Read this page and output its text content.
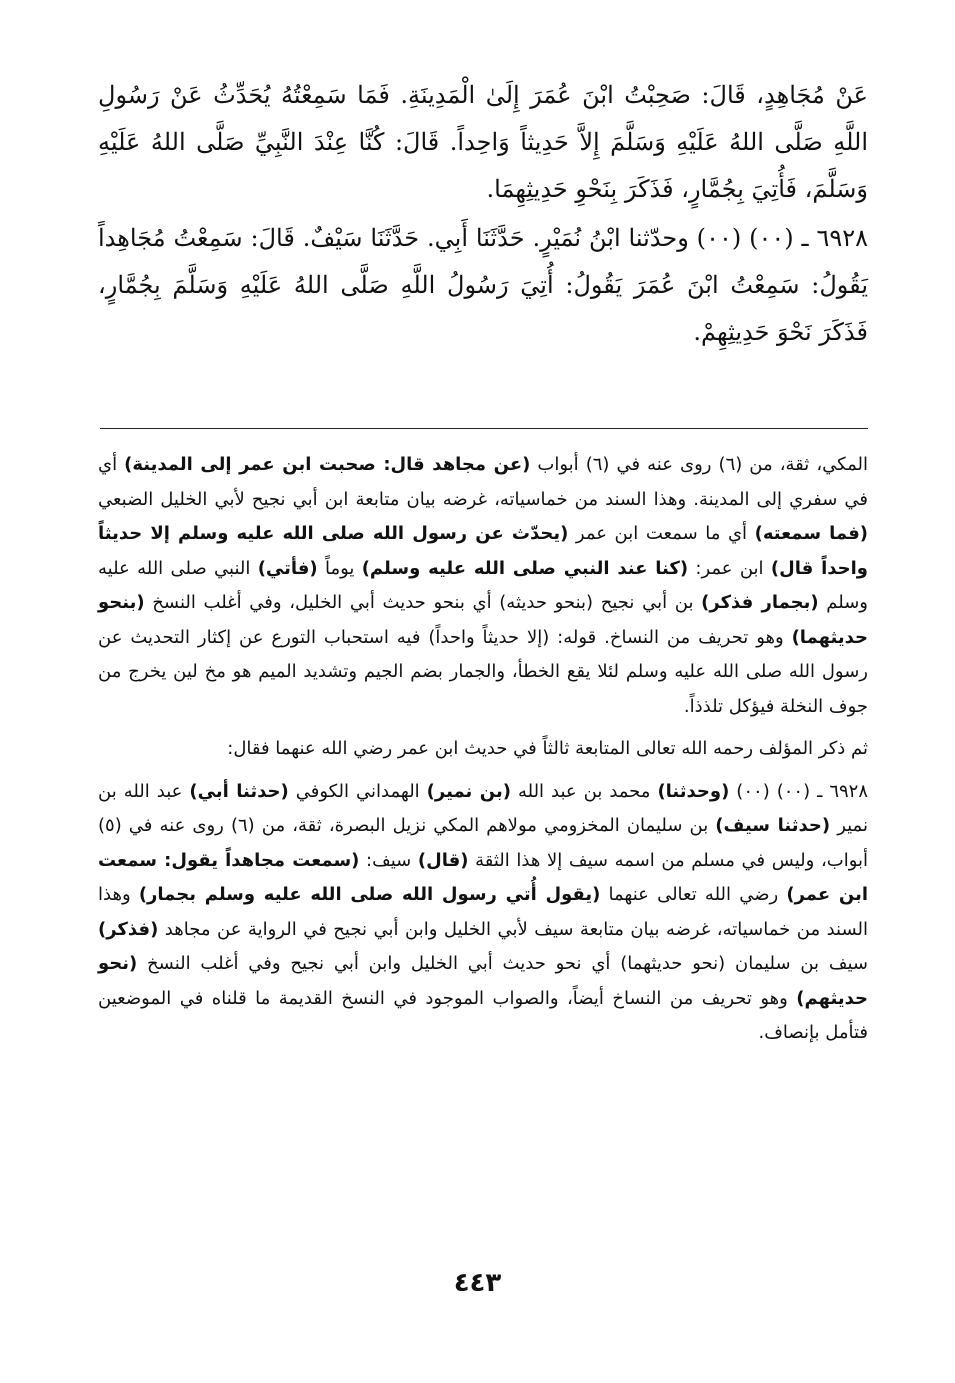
عَنْ مُجَاهِدٍ، قَالَ: صَحِبْتُ ابْنَ عُمَرَ إِلَىٰ الْمَدِينَةِ. فَمَا سَمِعْتُهُ يُحَدِّثُ عَنْ رَسُولِ اللَّهِ صَلَّى اللهُ عَلَيْهِ وَسَلَّمَ إِلاَّ حَدِيثاً وَاحِداً. قَالَ: كُنَّا عِنْدَ النَّبِيِّ صَلَّى اللهُ عَلَيْهِ وَسَلَّمَ، فَأُتِيَ بِجُمَّارٍ، فَذَكَرَ بِنَحْوِ حَدِيثِهِمَا.

٦٩٢٨ ـ (٠٠) (٠٠) وحدّثنا ابْنُ نُمَيْرٍ. حَدَّثَنَا أَبِي. حَدَّثَنَا سَيْفٌ. قَالَ: سَمِعْتُ مُجَاهِداً يَقُولُ: سَمِعْتُ ابْنَ عُمَرَ يَقُولُ: أُتِيَ رَسُولُ اللَّهِ صَلَّى اللهُ عَلَيْهِ وَسَلَّمَ بِجُمَّارٍ، فَذَكَرَ نَحْوَ حَدِيثِهِمْ.

المكي، ثقة، من (٦) روى عنه في (٦) أبواب (عن مجاهد قال: صحبت ابن عمر إلى المدينة) أي في سفري إلى المدينة. وهذا السند من خماسياته، غرضه بيان متابعة ابن أبي نجيح لأبي الخليل الضبعي (فما سمعته) أي ما سمعت ابن عمر (يحدّث عن رسول الله صلى الله عليه وسلم إلا حديثاً واحداً قال) ابن عمر: (كنا عند النبي صلى الله عليه وسلم) يوماً (فأتي) النبي صلى الله عليه وسلم (بجمار فذكر) بن أبي نجيح (بنحو حديثه) أي بنحو حديث أبي الخليل، وفي أغلب النسخ (بنحو حديثهما) وهو تحريف من النساخ. قوله: (إلا حديثاً واحداً) فيه استحباب التورع عن إكثار التحديث عن رسول الله صلى الله عليه وسلم لئلا يقع الخطأ، والجمار بضم الجيم وتشديد الميم هو مخ لين يخرج من جوف النخلة فيؤكل تلذذاً.

ثم ذكر المؤلف رحمه الله تعالى المتابعة ثالثاً في حديث ابن عمر رضي الله عنهما فقال:

٦٩٢٨ ـ (٠٠) (٠٠) (وحدثنا) محمد بن عبد الله (بن نمير) الهمداني الكوفي (حدثنا أبي) عبد الله بن نمير (حدثنا سيف) بن سليمان المخزومي مولاهم المكي نزيل البصرة، ثقة، من (٦) روى عنه في (٥) أبواب، وليس في مسلم من اسمه سيف إلا هذا الثقة (قال) سيف: (سمعت مجاهداً يقول: سمعت ابن عمر) رضي الله تعالى عنهما (يقول أُتي رسول الله صلى الله عليه وسلم بجمار) وهذا السند من خماسياته، غرضه بيان متابعة سيف لأبي الخليل وابن أبي نجيح في الرواية عن مجاهد (فذكر) سيف بن سليمان (نحو حديثهما) أي نحو حديث أبي الخليل وابن أبي نجيح وفي أغلب النسخ (نحو حديثهم) وهو تحريف من النساخ أيضاً، والصواب الموجود في النسخ القديمة ما قلناه في الموضعين فتأمل بإنصاف.

٤٤٣
